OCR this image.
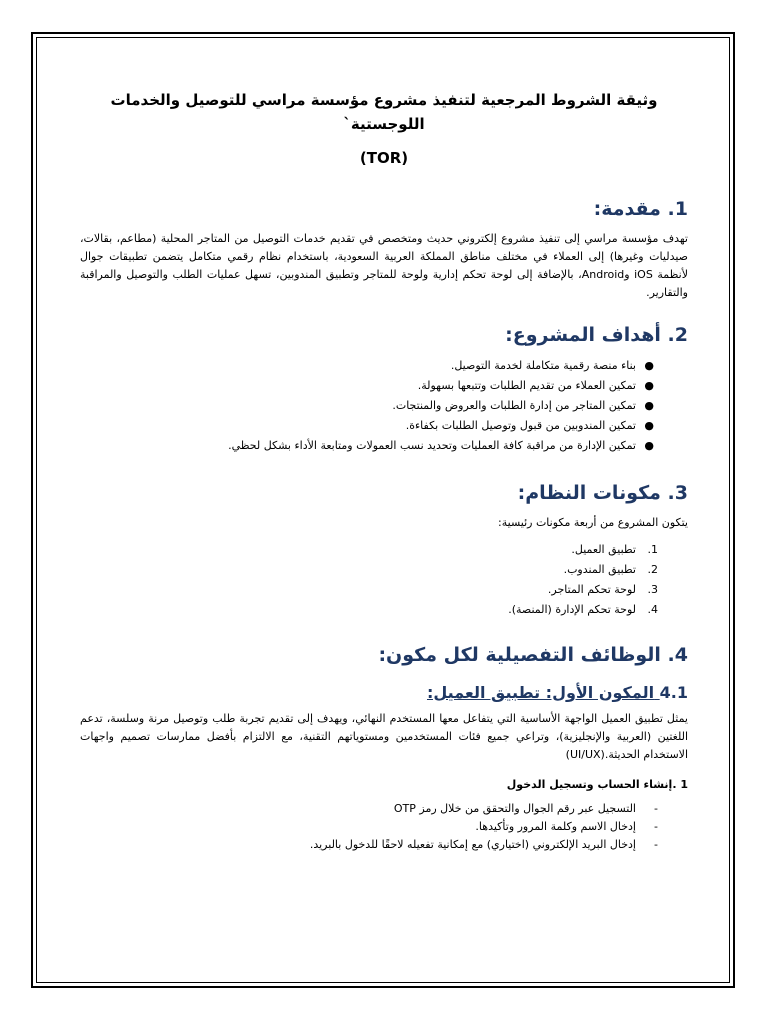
وثيقة الشروط المرجعية لتنفيذ مشروع مؤسسة مراسي للتوصيل والخدمات اللوجستية`

(TOR)

1. مقدمة:

تهدف مؤسسة مراسي إلى تنفيذ مشروع إلكتروني حديث ومتخصص في تقديم خدمات التوصيل من المتاجر المحلية (مطاعم، بقالات، صيدليات وغيرها) إلى العملاء في مختلف مناطق المملكة العربية السعودية، باستخدام نظام رقمي متكامل يتضمن تطبيقات جوال لأنظمة iOS وAndroid، بالإضافة إلى لوحة تحكم إدارية ولوحة للمتاجر وتطبيق المندوبين، تسهل عمليات الطلب والتوصيل والمراقبة والتقارير.

2. أهداف المشروع:
●
بناء منصة رقمية متكاملة لخدمة التوصيل.
●
تمكين العملاء من تقديم الطلبات وتتبعها بسهولة.
●
تمكين المتاجر من إدارة الطلبات والعروض والمنتجات.
●
تمكين المندوبين من قبول وتوصيل الطلبات بكفاءة.
●
تمكين الإدارة من مراقبة كافة العمليات وتحديد نسب العمولات ومتابعة الأداء بشكل لحظي.
3. مكونات النظام:

يتكون المشروع من أربعة مكونات رئيسية:

1.
تطبيق العميل.
2.
تطبيق المندوب.
3.
لوحة تحكم المتاجر.
4.
لوحة تحكم الإدارة (المنصة).
4. الوظائف التفصيلية لكل مكون:
4.1 المكون الأول: تطبيق العميل:

يمثل تطبيق العميل الواجهة الأساسية التي يتفاعل معها المستخدم النهائي، ويهدف إلى تقديم تجربة طلب وتوصيل مرنة وسلسة، تدعم اللغتين (العربية والإنجليزية)، وتراعي جميع فئات المستخدمين ومستوياتهم التقنية، مع الالتزام بأفضل ممارسات تصميم واجهات الاستخدام الحديثة.(UI/UX)

1 .إنشاء الحساب وتسجيل الدخول
-
التسجيل عبر رقم الجوال والتحقق من خلال رمز OTP
-
إدخال الاسم وكلمة المرور وتأكيدها.
-
إدخال البريد الإلكتروني (اختياري) مع إمكانية تفعيله لاحقًا للدخول بالبريد.
